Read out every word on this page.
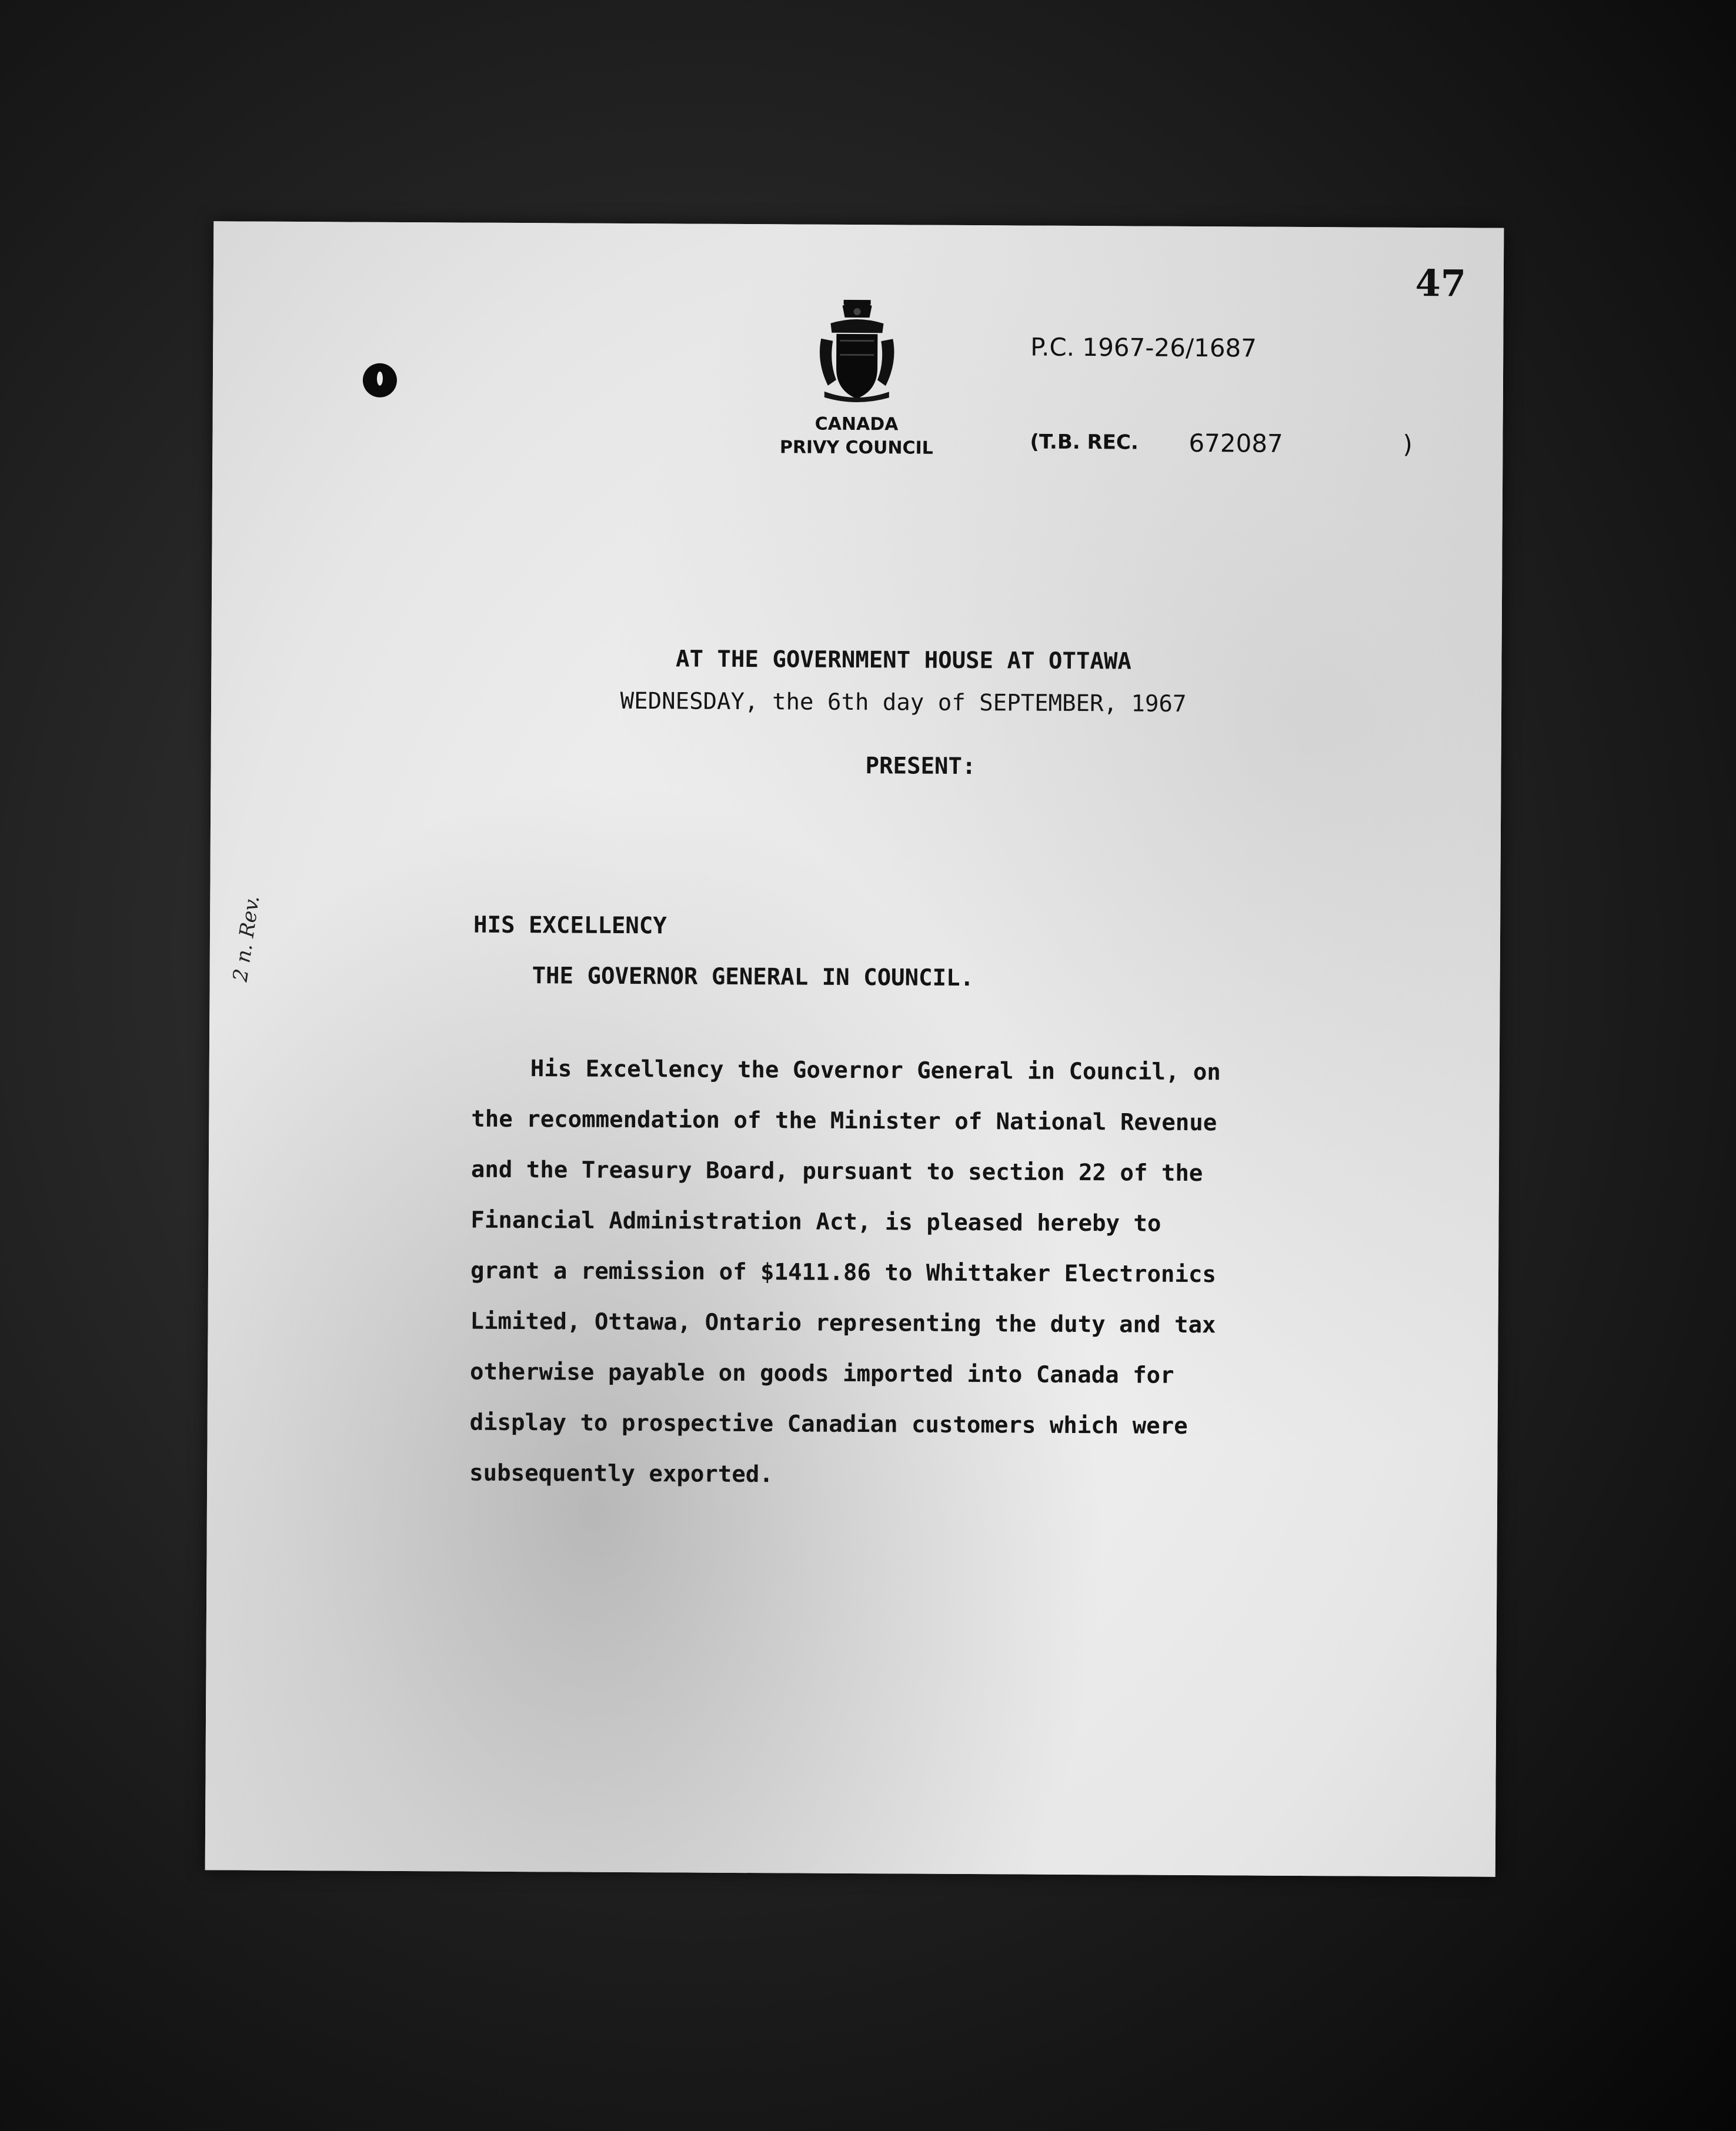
47
CANADA
PRIVY COUNCIL
P.C. 1967-26/1687
(T.B. REC. 672087	)
AT THE GOVERNMENT HOUSE AT OTTAWA
WEDNESDAY, the 6th day of SEPTEMBER, 1967
PRESENT:
HIS EXCELLENCY
THE GOVERNOR GENERAL IN COUNCIL.
His Excellency the Governor General in Council, on
the recommendation of the Minister of National Revenue
and the Treasury Board, pursuant to section 22 of the
Financial Administration Act, is pleased hereby to
grant a remission of $1411.86 to Whittaker Electronics
Limited, Ottawa, Ontario representing the duty and tax
otherwise payable on goods imported into Canada for
display to prospective Canadian customers which were
subsequently exported.
2 n. Rev.
